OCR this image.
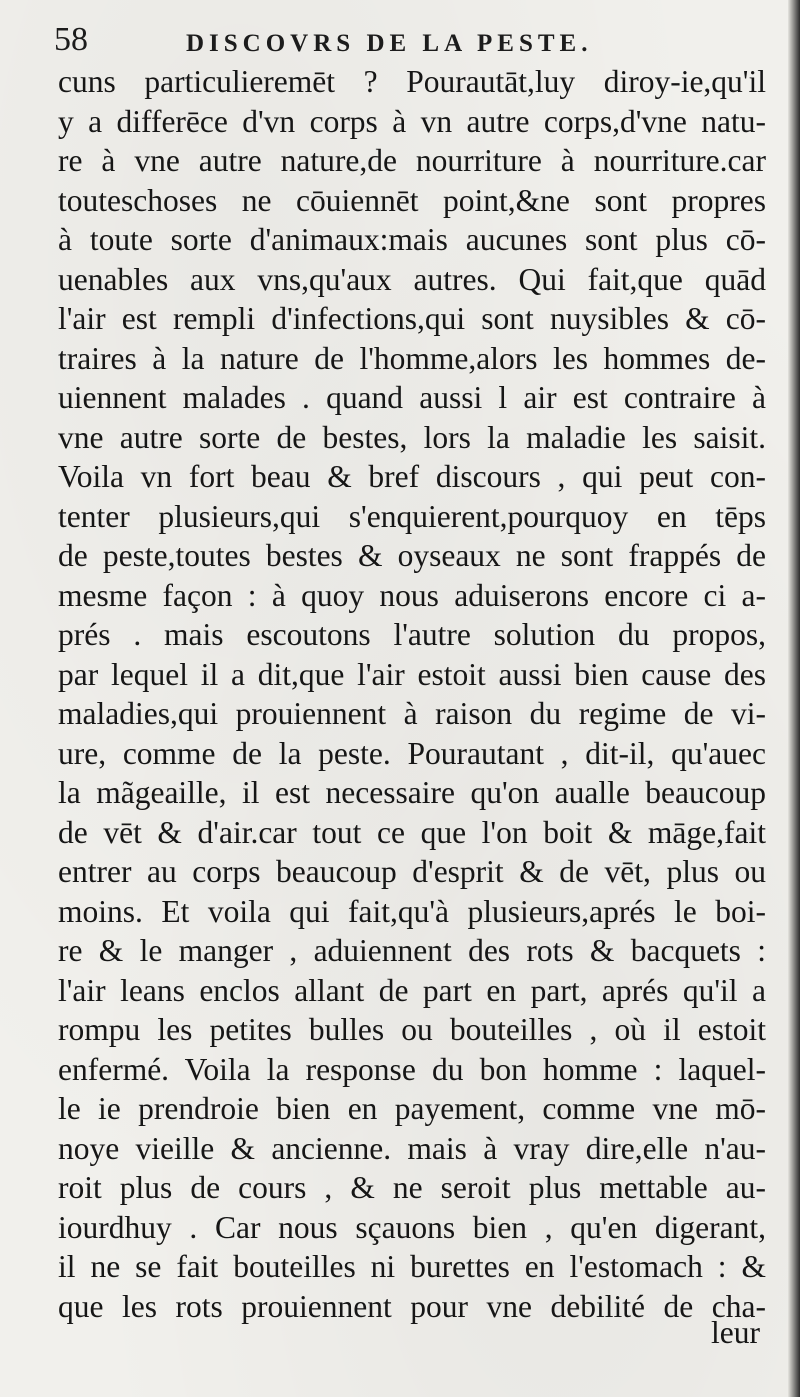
58	DISCOVRS DE LA PESTE.
cuns particulieremēt ? Pourautāt,luy diroy-ie,qu'il
y a differēce d'vn corps à vn autre corps,d'vne natu-
re à vne autre nature,de nourriture à nourriture.car
touteschoses ne cōuiennēt point,&ne sont propres
à toute sorte d'animaux:mais aucunes sont plus cō-
uenables aux vns,qu'aux autres. Qui fait,que quād
l'air est rempli d'infections,qui sont nuysibles & cō-
traires à la nature de l'homme,alors les hommes de-
uiennent malades . quand aussi l air est contraire à
vne autre sorte de bestes, lors la maladie les saisit.
Voila vn fort beau & bref discours , qui peut con-
tenter plusieurs,qui s'enquierent,pourquoy en tēps
de peste,toutes bestes & oyseaux ne sont frappés de
mesme façon : à quoy nous aduiserons encore ci a-
prés . mais escoutons l'autre solution du propos,
par lequel il a dit,que l'air estoit aussi bien cause des
maladies,qui prouiennent à raison du regime de vi-
ure, comme de la peste. Pourautant , dit-il, qu'auec
la mãgeaille, il est necessaire qu'on aualle beaucoup
de vēt & d'air.car tout ce que l'on boit & māge,fait
entrer au corps beaucoup d'esprit & de vēt, plus ou
moins. Et voila qui fait,qu'à plusieurs,aprés le boi-
re & le manger , aduiennent des rots & bacquets :
l'air leans enclos allant de part en part, aprés qu'il a
rompu les petites bulles ou bouteilles , où il estoit
enfermé. Voila la response du bon homme : laquel-
le ie prendroie bien en payement, comme vne mō-
noye vieille & ancienne. mais à vray dire,elle n'au-
roit plus de cours , & ne seroit plus mettable au-
iourdhuy . Car nous sçauons bien , qu'en digerant,
il ne se fait bouteilles ni burettes en l'estomach : &
que les rots prouiennent pour vne debilité de cha-
leur
